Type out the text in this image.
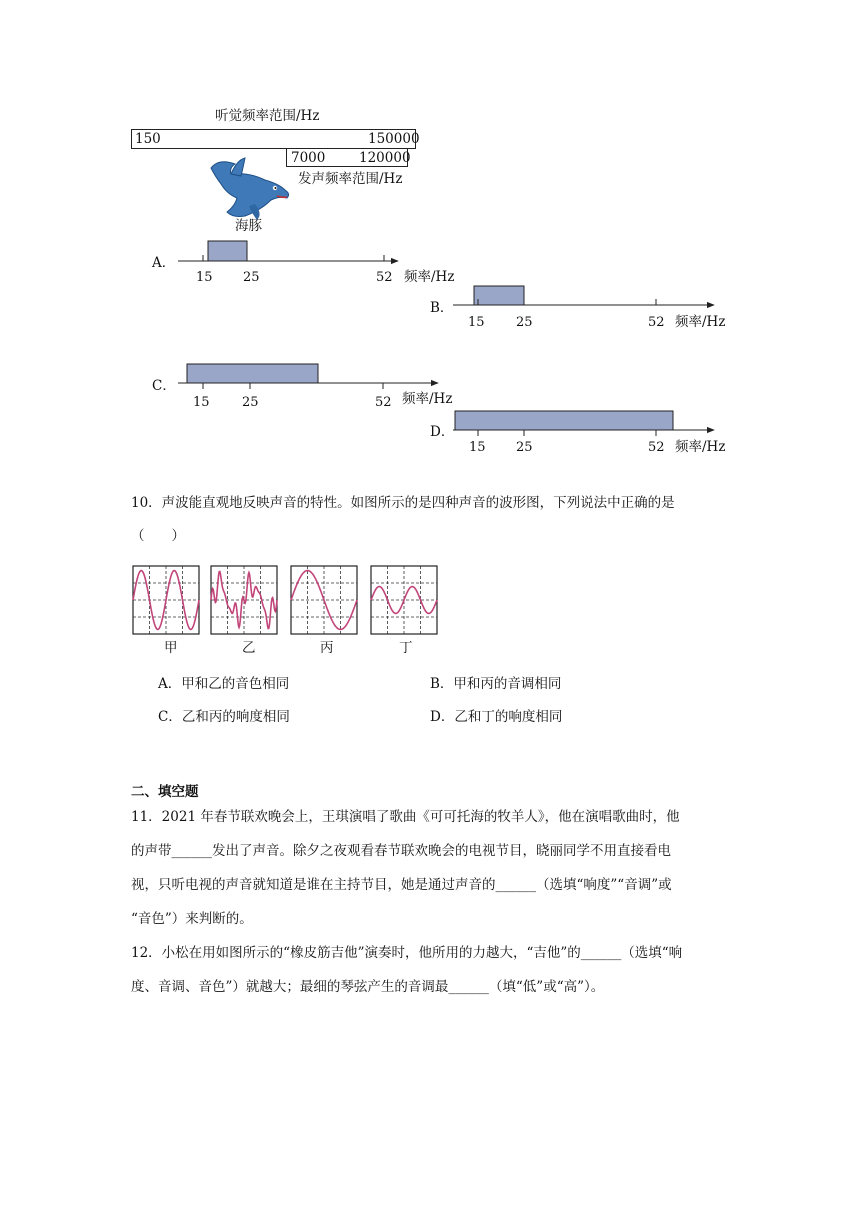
听觉频率范围/Hz
150	150000
7000 120000
发声频率范围/Hz
海豚
A．
15 25	52 频率/Hz
B．
15 25	52 频率/Hz
C．
15 25	52 频率/Hz
D．
15 25	52 频率/Hz
10．声波能直观地反映声音的特性。如图所示的是四种声音的波形图，下列说法中正确的是
（　　）
甲	乙	丙	丁
A．甲和乙的音色相同	B．甲和丙的音调相同
C．乙和丙的响度相同	D．乙和丁的响度相同
二、填空题
11．2021 年春节联欢晚会上，王琪演唱了歌曲《可可托海的牧羊人》，他在演唱歌曲时，他
的声带______发出了声音。除夕之夜观看春节联欢晚会的电视节目，晓丽同学不用直接看电
视，只听电视的声音就知道是谁在主持节目，她是通过声音的______（选填“响度”“音调”或
“音色”）来判断的。
12．小松在用如图所示的“橡皮筋吉他”演奏时，他所用的力越大，“吉他”的______（选填“响
度、音调、音色”）就越大；最细的琴弦产生的音调最______（填“低”或“高”）。
